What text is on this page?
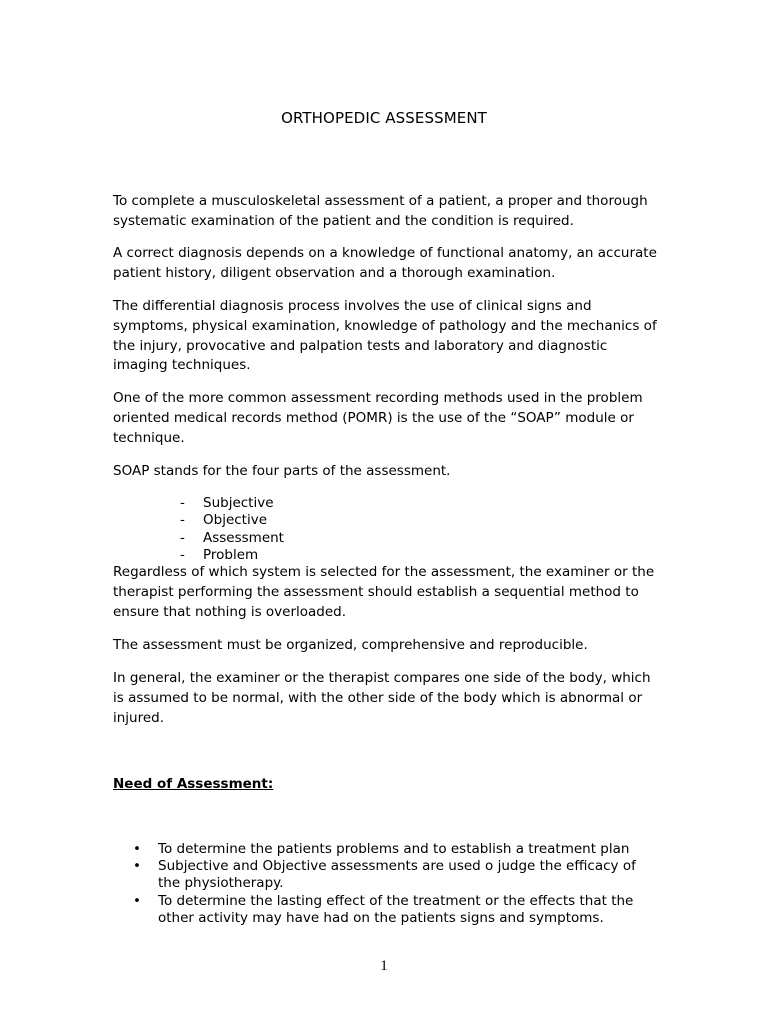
ORTHOPEDIC ASSESSMENT

To complete a musculoskeletal assessment of a patient, a proper and thorough systematic examination of the patient and the condition is required.

A correct diagnosis depends on a knowledge of functional anatomy, an accurate patient history, diligent observation and a thorough examination.

The differential diagnosis process involves the use of clinical signs and symptoms, physical examination, knowledge of pathology and the mechanics of the injury, provocative and palpation tests and laboratory and diagnostic imaging techniques.

One of the more common assessment recording methods used in the problem oriented medical records method (POMR) is the use of the “SOAP” module or technique.

SOAP stands for the four parts of the assessment.

- Subjective
- Objective
- Assessment
- Problem

Regardless of which system is selected for the assessment, the examiner or the therapist performing the assessment should establish a sequential method to ensure that nothing is overloaded.

The assessment must be organized, comprehensive and reproducible.

In general, the examiner or the therapist compares one side of the body, which is assumed to be normal, with the other side of the body which is abnormal or injured.

Need of Assessment:
• To determine the patients problems and to establish a treatment plan
• Subjective and Objective assessments are used o judge the efficacy of the physiotherapy.
• To determine the lasting effect of the treatment or the effects that the other activity may have had on the patients signs and symptoms.
1
